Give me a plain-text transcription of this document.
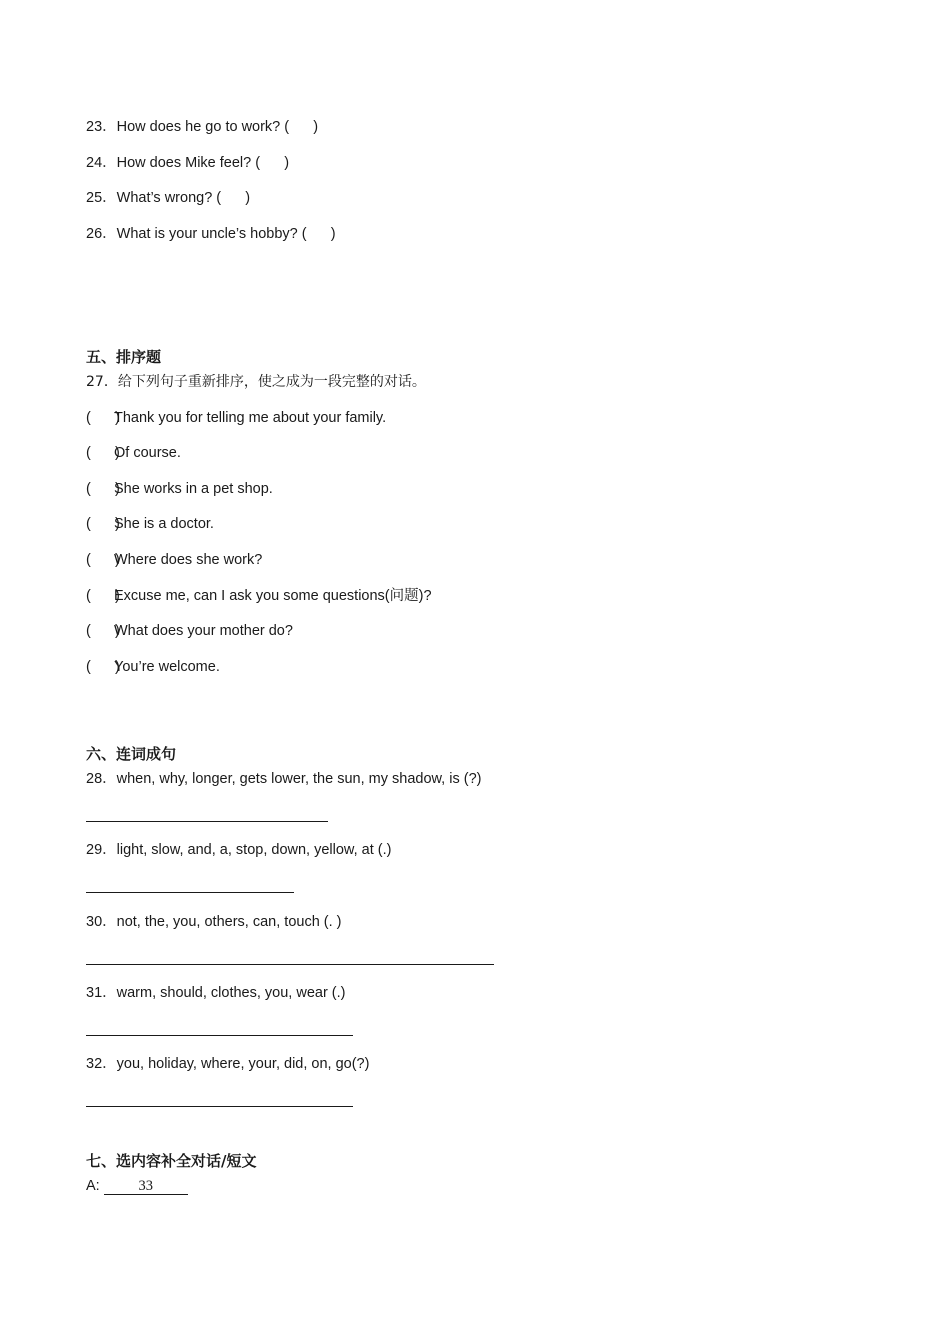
23．How does he go to work? (      )
24．How does Mike feel? (      )
25．What’s wrong? (      )
26．What is your uncle’s hobby? (      )
五、排序题
27．给下列句子重新排序，使之成为一段完整的对话。
(      )Thank you for telling me about your family.
(      )Of course.
(      )She works in a pet shop.
(      )She is a doctor.
(      )Where does she work?
(      )Excuse me, can I ask you some questions(问题)?
(      )What does your mother do?
(      )You’re welcome.
六、连词成句
28．when, why, longer, gets lower, the sun, my shadow, is (?)
29．light, slow, and, a, stop, down, yellow, at (.)
30．not, the, you, others, can, touch (. )
31．warm, should, clothes, you, wear (.)
32．you, holiday, where, your, did, on, go(?)
七、选内容补全对话/短文
A:	33
